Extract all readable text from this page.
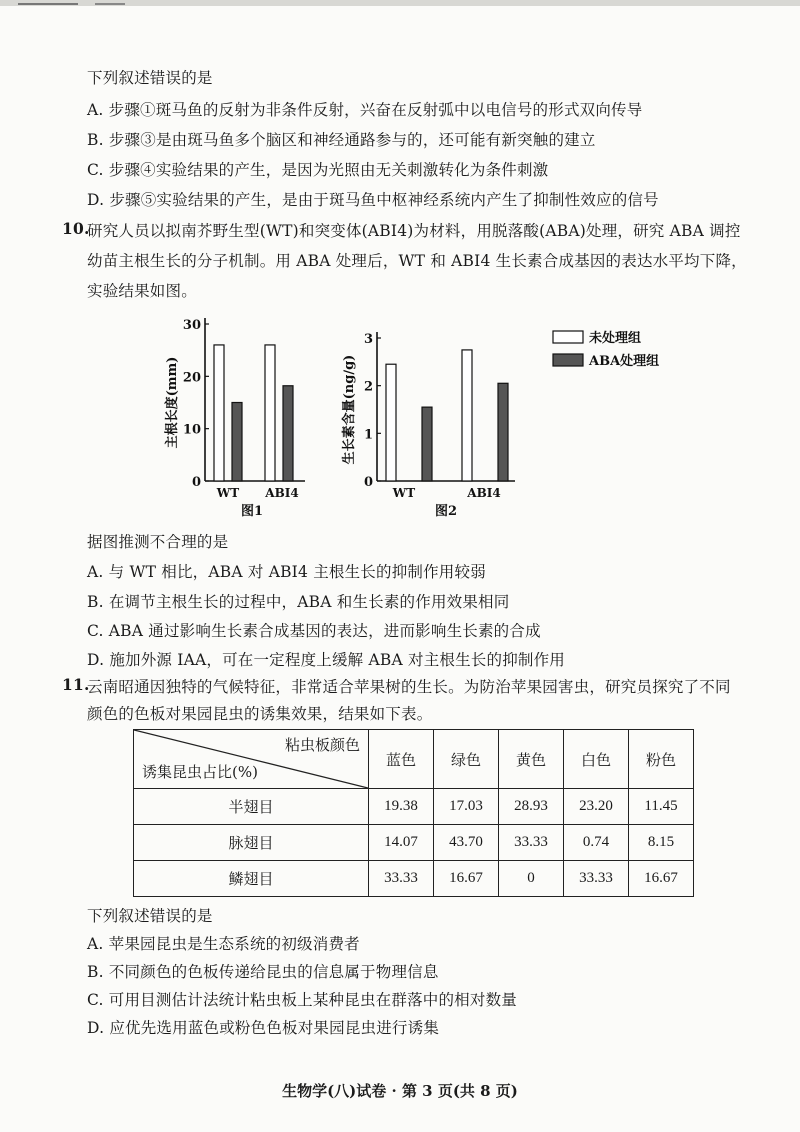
下列叙述错误的是
A. 步骤①斑马鱼的反射为非条件反射，兴奋在反射弧中以电信号的形式双向传导
B. 步骤③是由斑马鱼多个脑区和神经通路参与的，还可能有新突触的建立
C. 步骤④实验结果的产生，是因为光照由无关刺激转化为条件刺激
D. 步骤⑤实验结果的产生，是由于斑马鱼中枢神经系统内产生了抑制性效应的信号
10.
研究人员以拟南芥野生型(WT)和突变体(ABI4)为材料，用脱落酸(ABA)处理，研究 ABA 调控
幼苗主根生长的分子机制。用 ABA 处理后，WT 和 ABI4 生长素合成基因的表达水平均下降，
实验结果如图。
0
10
20
30
WT ABI4
主根长度(mm)
图1
0
1
2
3
WT	ABI4
生长素含量(ng/g)
图2
未处理组
ABA处理组
据图推测不合理的是
A. 与 WT 相比，ABA 对 ABI4 主根生长的抑制作用较弱
B. 在调节主根生长的过程中，ABA 和生长素的作用效果相同
C. ABA 通过影响生长素合成基因的表达，进而影响生长素的合成
D. 施加外源 IAA，可在一定程度上缓解 ABA 对主根生长的抑制作用
11.
云南昭通因独特的气候特征，非常适合苹果树的生长。为防治苹果园害虫，研究员探究了不同
颜色的色板对果园昆虫的诱集效果，结果如下表。
粘虫板颜色
诱集昆虫占比(%)	蓝色	绿色	黄色	白色	粉色
半翅目	19.38	17.03	28.93	23.20	11.45
脉翅目	14.07	43.70	33.33	0.74	8.15
鳞翅目	33.33	16.67	0	33.33	16.67
下列叙述错误的是
A. 苹果园昆虫是生态系统的初级消费者
B. 不同颜色的色板传递给昆虫的信息属于物理信息
C. 可用目测估计法统计粘虫板上某种昆虫在群落中的相对数量
D. 应优先选用蓝色或粉色色板对果园昆虫进行诱集
生物学(八)试卷 · 第 3 页(共 8 页)
